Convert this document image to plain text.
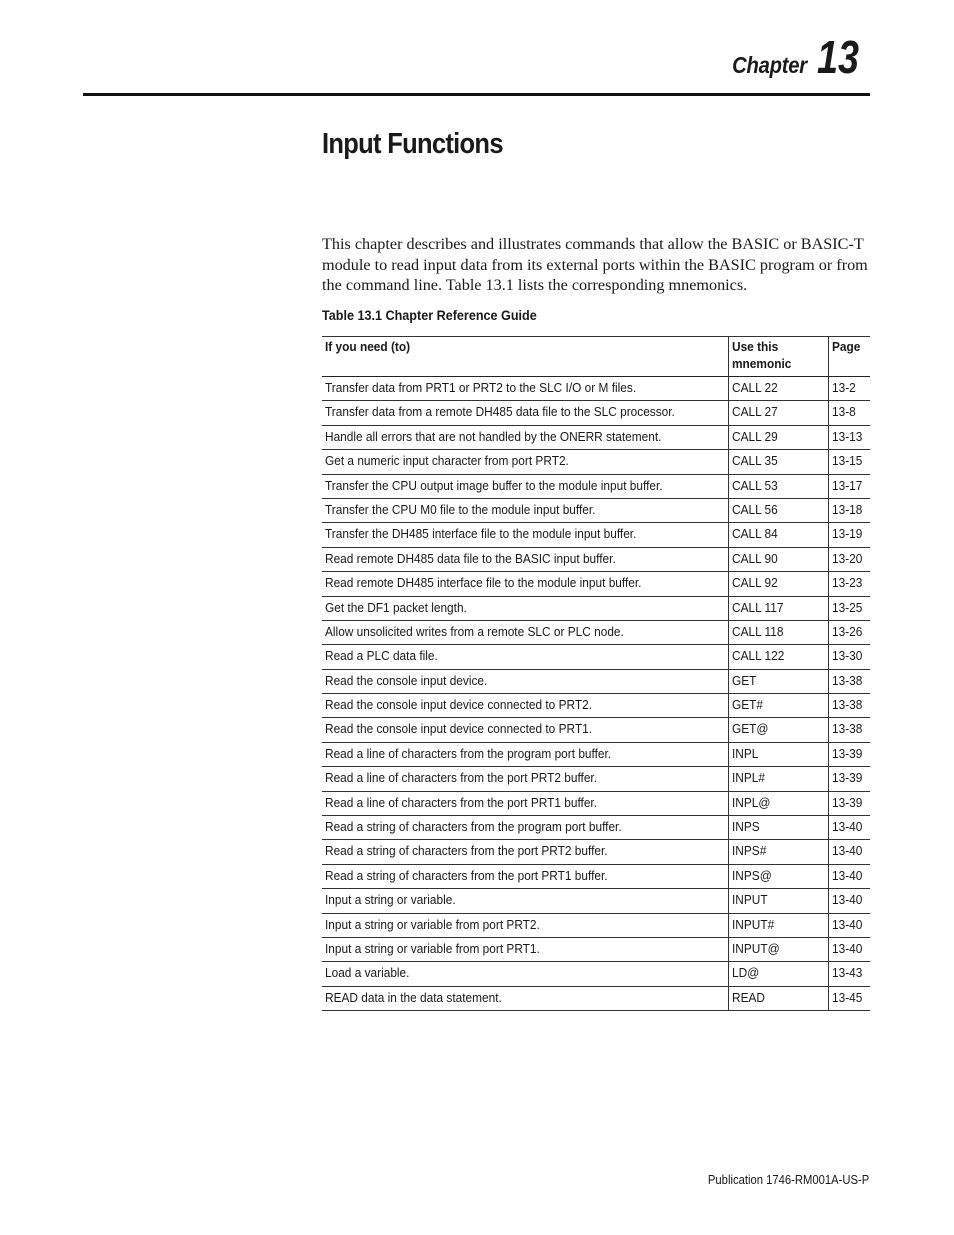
Chapter 13
Input Functions

This chapter describes and illustrates commands that allow the BASIC or BASIC-T module to read input data from its external ports within the BASIC program or from the command line. Table 13.1 lists the corresponding mnemonics.

Table 13.1 Chapter Reference Guide
If you need (to)	Use this mnemonic	Page
Transfer data from PRT1 or PRT2 to the SLC I/O or M files.	CALL 22	13-2

Transfer data from a remote DH485 data file to the SLC processor.	CALL 27	13-8
Handle all errors that are not handled by the ONERR statement.	CALL 29	13-13
Get a numeric input character from port PRT2.	CALL 35	13-15
Transfer the CPU output image buffer to the module input buffer.	CALL 53	13-17
Transfer the CPU M0 file to the module input buffer.	CALL 56	13-18
Transfer the DH485 interface file to the module input buffer.	CALL 84	13-19
Read remote DH485 data file to the BASIC input buffer.	CALL 90	13-20
Read remote DH485 interface file to the module input buffer.	CALL 92	13-23
Get the DF1 packet length.	CALL 117	13-25
Allow unsolicited writes from a remote SLC or PLC node.	CALL 118	13-26
Read a PLC data file.	CALL 122	13-30
Read the console input device.	GET	13-38
Read the console input device connected to PRT2.	GET#	13-38
Read the console input device connected to PRT1.	GET@	13-38
Read a line of characters from the program port buffer.	INPL	13-39
Read a line of characters from the port PRT2 buffer.	INPL#	13-39
Read a line of characters from the port PRT1 buffer.	INPL@	13-39
Read a string of characters from the program port buffer.	INPS	13-40
Read a string of characters from the port PRT2 buffer.	INPS#	13-40
Read a string of characters from the port PRT1 buffer.	INPS@	13-40
Input a string or variable.	INPUT	13-40
Input a string or variable from port PRT2.	INPUT#	13-40
Input a string or variable from port PRT1.	INPUT@	13-40
Load a variable.	LD@	13-43
READ data in the data statement.	READ	13-45
Publication 1746-RM001A-US-P
